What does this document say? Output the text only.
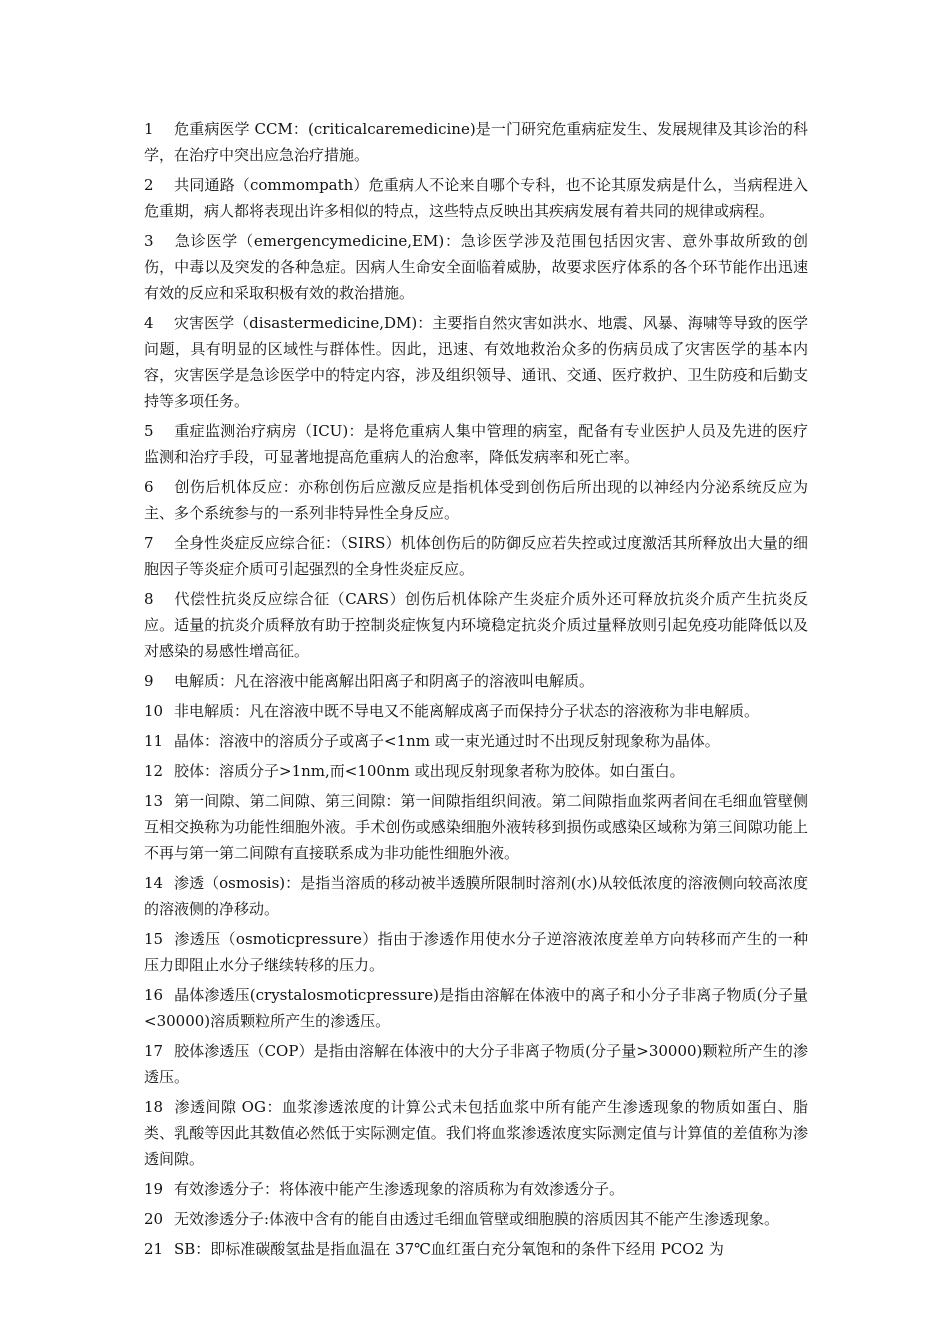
1 危重病医学 CCM：(criticalcaremedicine)是一门研究危重病症发生、发展规律及其诊治的科学，在治疗中突出应急治疗措施。

2 共同通路（commompath）危重病人不论来自哪个专科，也不论其原发病是什么，当病程进入危重期，病人都将表现出许多相似的特点，这些特点反映出其疾病发展有着共同的规律或病程。

3 急诊医学（emergencymedicine,EM)：急诊医学涉及范围包括因灾害、意外事故所致的创伤，中毒以及突发的各种急症。因病人生命安全面临着威胁，故要求医疗体系的各个环节能作出迅速有效的反应和采取积极有效的救治措施。

4 灾害医学（disastermedicine,DM)：主要指自然灾害如洪水、地震、风暴、海啸等导致的医学问题，具有明显的区域性与群体性。因此，迅速、有效地救治众多的伤病员成了灾害医学的基本内容，灾害医学是急诊医学中的特定内容，涉及组织领导、通讯、交通、医疗救护、卫生防疫和后勤支持等多项任务。

5 重症监测治疗病房（ICU)：是将危重病人集中管理的病室，配备有专业医护人员及先进的医疗监测和治疗手段，可显著地提高危重病人的治愈率，降低发病率和死亡率。

6 创伤后机体反应：亦称创伤后应激反应是指机体受到创伤后所出现的以神经内分泌系统反应为主、多个系统参与的一系列非特异性全身反应。

7 全身性炎症反应综合征：（SIRS）机体创伤后的防御反应若失控或过度激活其所释放出大量的细胞因子等炎症介质可引起强烈的全身性炎症反应。

8 代偿性抗炎反应综合征（CARS）创伤后机体除产生炎症介质外还可释放抗炎介质产生抗炎反应。适量的抗炎介质释放有助于控制炎症恢复内环境稳定抗炎介质过量释放则引起免疫功能降低以及对感染的易感性增高征。

9 电解质：凡在溶液中能离解出阳离子和阴离子的溶液叫电解质。

10 非电解质：凡在溶液中既不导电又不能离解成离子而保持分子状态的溶液称为非电解质。

11 晶体：溶液中的溶质分子或离子<1nm 或一束光通过时不出现反射现象称为晶体。

12 胶体：溶质分子>1nm,而<100nm 或出现反射现象者称为胶体。如白蛋白。

13 第一间隙、第二间隙、第三间隙：第一间隙指组织间液。第二间隙指血浆两者间在毛细血管壁侧互相交换称为功能性细胞外液。手术创伤或感染细胞外液转移到损伤或感染区域称为第三间隙功能上不再与第一第二间隙有直接联系成为非功能性细胞外液。

14 渗透（osmosis)：是指当溶质的移动被半透膜所限制时溶剂(水)从较低浓度的溶液侧向较高浓度的溶液侧的净移动。

15 渗透压（osmoticpressure）指由于渗透作用使水分子逆溶液浓度差单方向转移而产生的一种压力即阻止水分子继续转移的压力。

16 晶体渗透压(crystalosmoticpressure)是指由溶解在体液中的离子和小分子非离子物质(分子量<30000)溶质颗粒所产生的渗透压。

17 胶体渗透压（COP）是指由溶解在体液中的大分子非离子物质(分子量>30000)颗粒所产生的渗透压。

18 渗透间隙 OG：血浆渗透浓度的计算公式未包括血浆中所有能产生渗透现象的物质如蛋白、脂类、乳酸等因此其数值必然低于实际测定值。我们将血浆渗透浓度实际测定值与计算值的差值称为渗透间隙。

19 有效渗透分子：将体液中能产生渗透现象的溶质称为有效渗透分子。

20 无效渗透分子:体液中含有的能自由透过毛细血管壁或细胞膜的溶质因其不能产生渗透现象。

21 SB：即标准碳酸氢盐是指血温在 37℃血红蛋白充分氧饱和的条件下经用 PCO2 为
